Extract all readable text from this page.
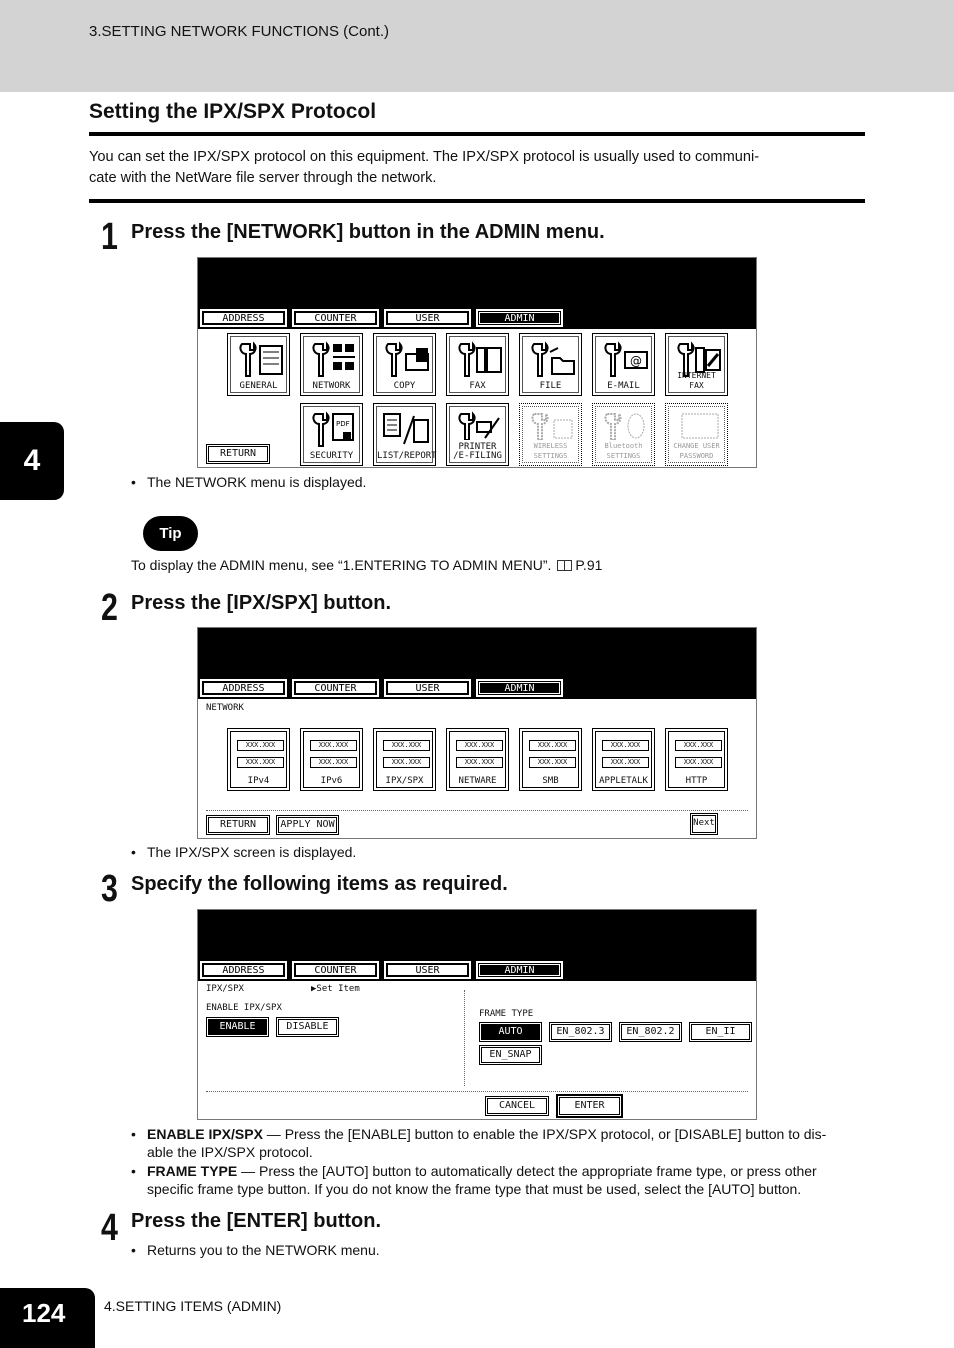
3.SETTING NETWORK FUNCTIONS (Cont.)
Setting the IPX/SPX Protocol
You can set the IPX/SPX protocol on this equipment. The IPX/SPX protocol is usually used to communi-
cate with the NetWare file server through the network.
4
1 Press the [NETWORK] button in the ADMIN menu.
ADDRESS	COUNTER	USER	ADMIN
GENERAL	NETWORK	COPY	FAX	FILE
@
E-MAIL
INTERNET FAX
PDF
SECURITY	LIST/REPORT
PRINTER
/E-FILING
WIRELESS SETTINGS
Bluetooth SETTINGS
CHANGE USER PASSWORD
RETURN
• The NETWORK menu is displayed.
Tip
To display the ADMIN menu, see “1.ENTERING TO ADMIN MENU”. P.91
2 Press the [IPX/SPX] button.
ADDRESS	COUNTER	USER	ADMIN
NETWORK
XXX.XXX
XXX.XXX
IPv4
XXX.XXX
XXX.XXX
IPv6
XXX.XXX
XXX.XXX
IPX/SPX
XXX.XXX
XXX.XXX
NETWARE
XXX.XXX
XXX.XXX
SMB
XXX.XXX
XXX.XXX
APPLETALK
XXX.XXX
XXX.XXX
HTTP
RETURN	APPLY NOW	Next
• The IPX/SPX screen is displayed.
3 Specify the following items as required.
ADDRESS	COUNTER	USER	ADMIN
IPX/SPX	▶Set Item
ENABLE IPX/SPX
ENABLE	DISABLE
FRAME TYPE
AUTO	EN_802.3	EN_802.2	EN_II
EN_SNAP
CANCEL	ENTER
• ENABLE IPX/SPX — Press the [ENABLE] button to enable the IPX/SPX protocol, or [DISABLE] button to dis-
able the IPX/SPX protocol.
• FRAME TYPE — Press the [AUTO] button to automatically detect the appropriate frame type, or press other
specific frame type button. If you do not know the frame type that must be used, select the [AUTO] button.
4 Press the [ENTER] button.
• Returns you to the NETWORK menu.
124	4.SETTING ITEMS (ADMIN)
